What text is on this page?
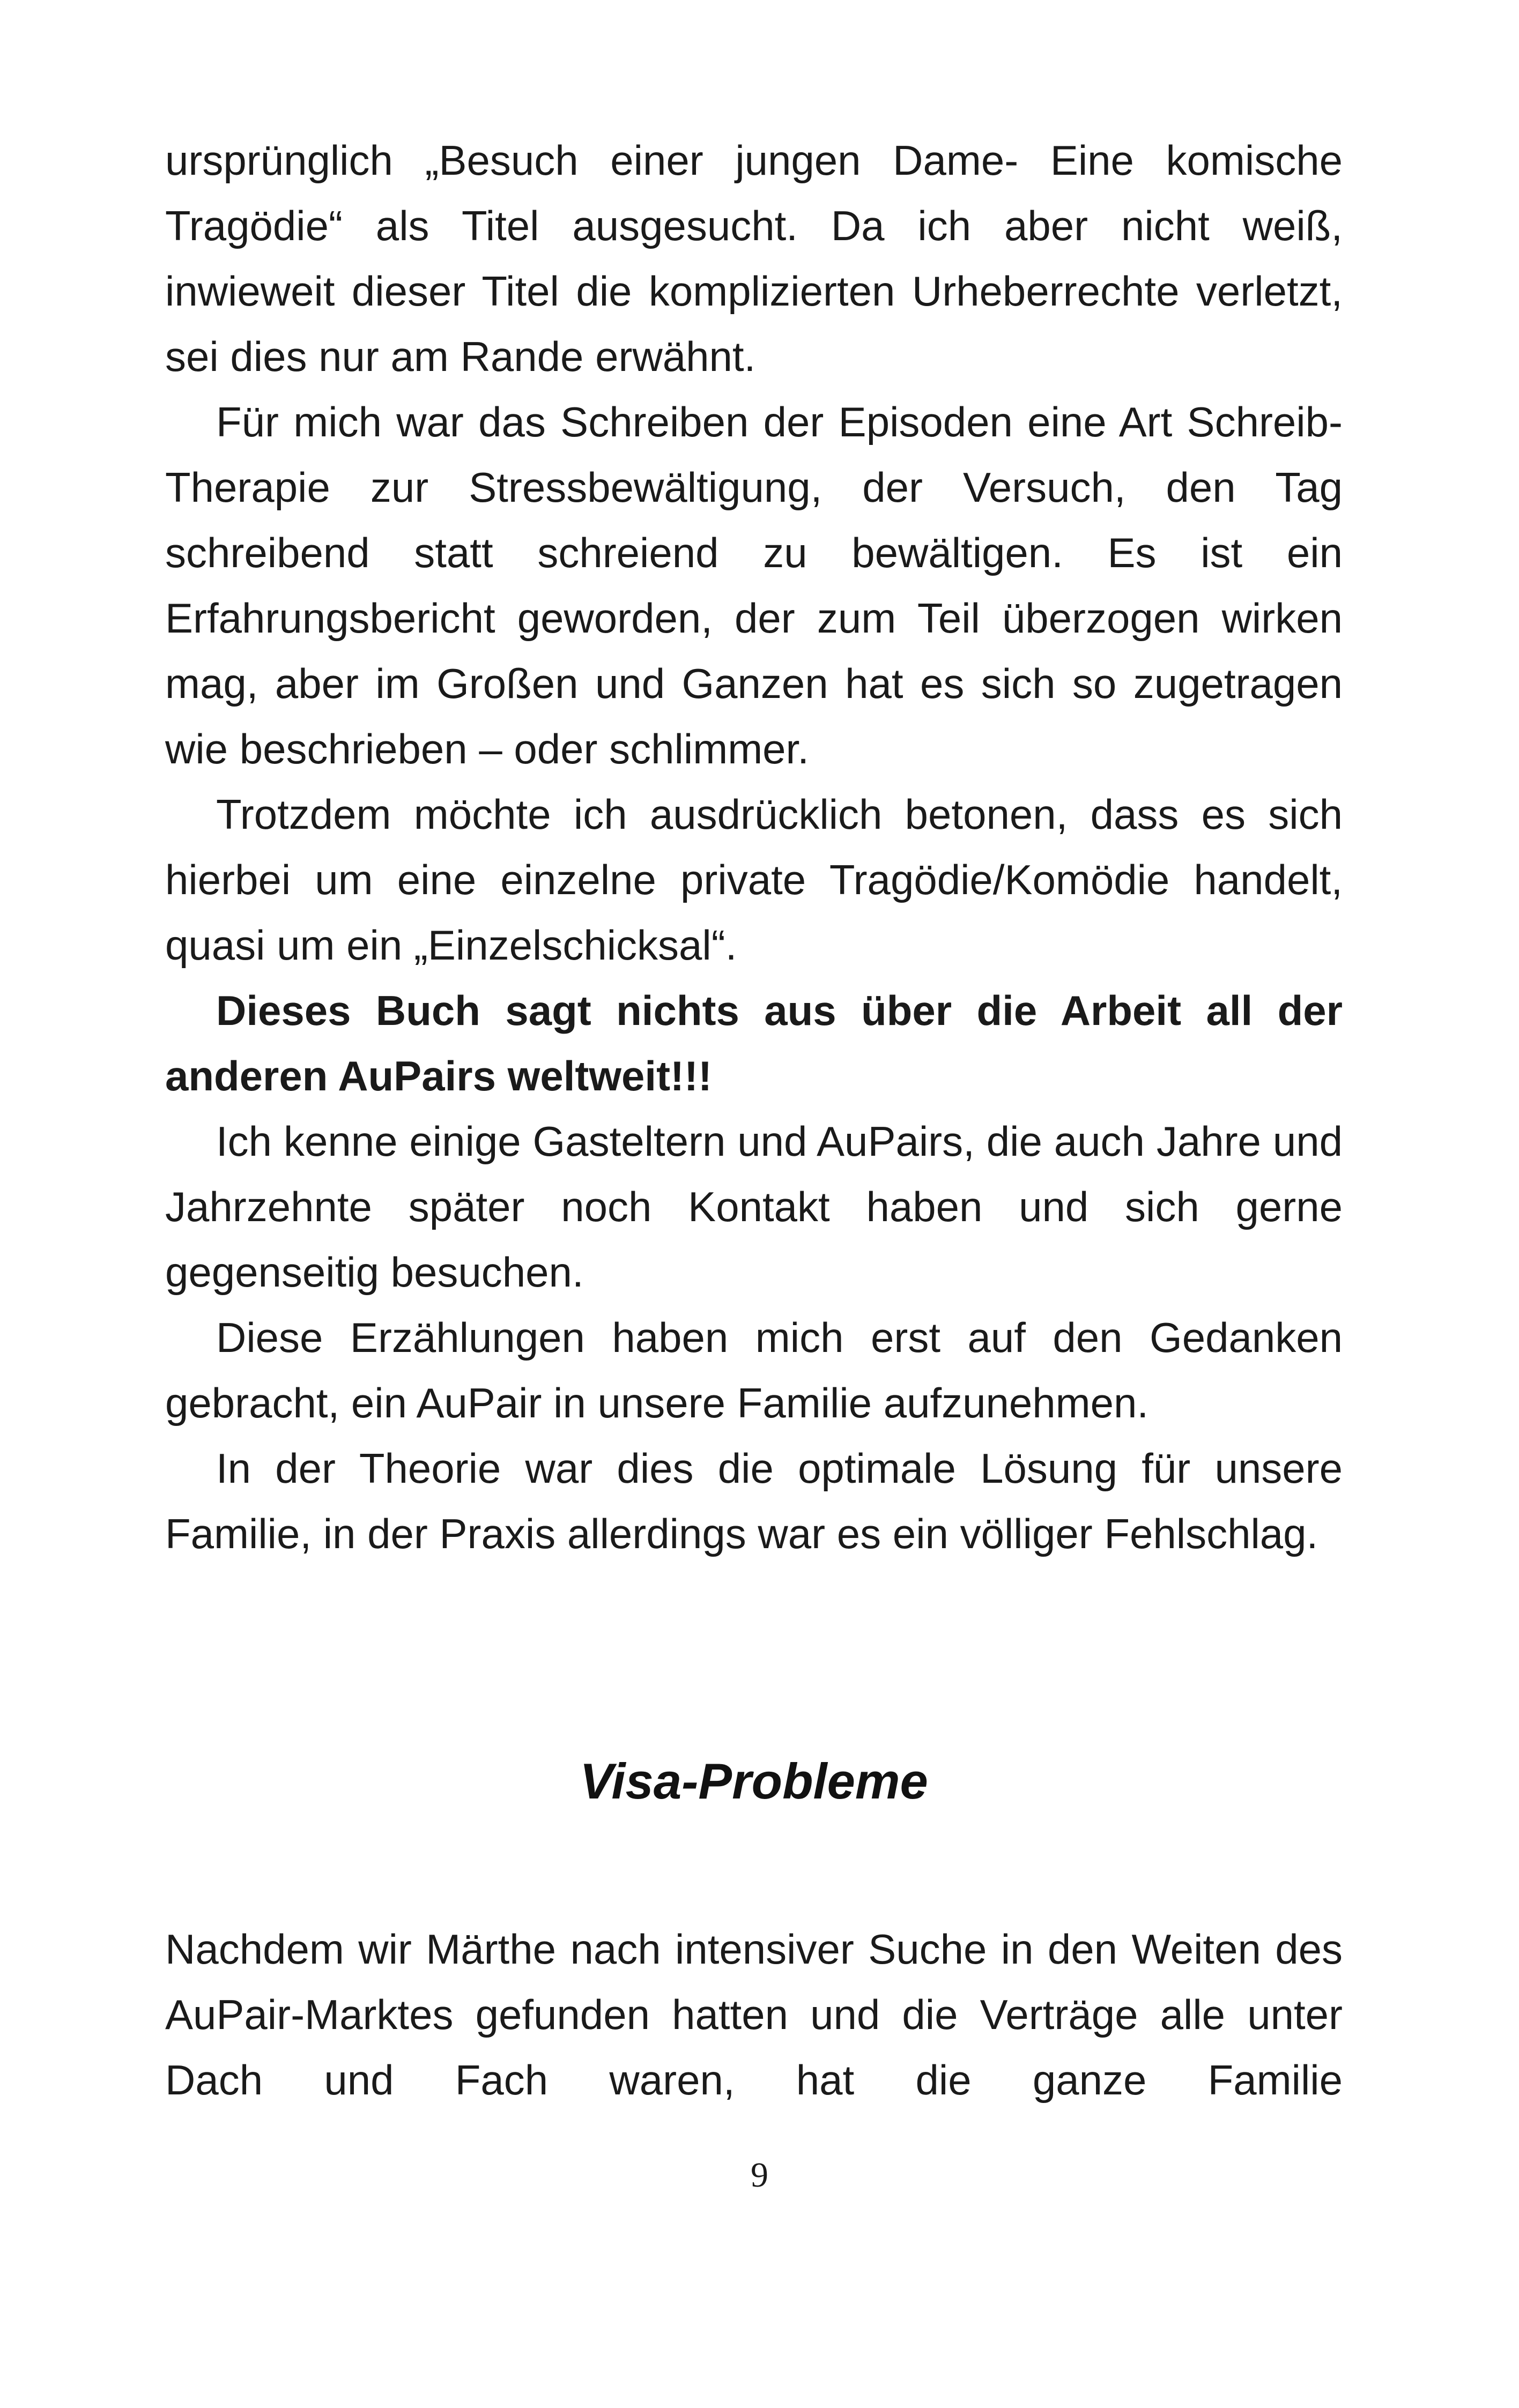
ursprünglich „Besuch einer jungen Dame- Eine komische Tragödie“ als Titel ausgesucht. Da ich aber nicht weiß, inwieweit dieser Titel die komplizierten Urheberrechte verletzt, sei dies nur am Rande erwähnt.

Für mich war das Schreiben der Episoden eine Art Schreib-Therapie zur Stressbewältigung, der Versuch, den Tag schreibend statt schreiend zu bewältigen. Es ist ein Erfahrungsbericht geworden, der zum Teil überzogen wirken mag, aber im Großen und Ganzen hat es sich so zugetragen wie beschrieben – oder schlimmer.

Trotzdem möchte ich ausdrücklich betonen, dass es sich hierbei um eine einzelne private Tragödie/Komödie handelt, quasi um ein „Einzelschicksal“.

Dieses Buch sagt nichts aus über die Arbeit all der anderen AuPairs weltweit!!!

Ich kenne einige Gasteltern und AuPairs, die auch Jahre und Jahrzehnte später noch Kontakt haben und sich gerne gegenseitig besuchen.

Diese Erzählungen haben mich erst auf den Gedanken gebracht, ein AuPair in unsere Familie aufzunehmen.

In der Theorie war dies die optimale Lösung für unsere Familie, in der Praxis allerdings war es ein völliger Fehlschlag.

Visa-Probleme

Nachdem wir Märthe nach intensiver Suche in den Weiten des AuPair-Marktes gefunden hatten und die Verträge alle unter Dach und Fach waren, hat die ganze Familie

9
